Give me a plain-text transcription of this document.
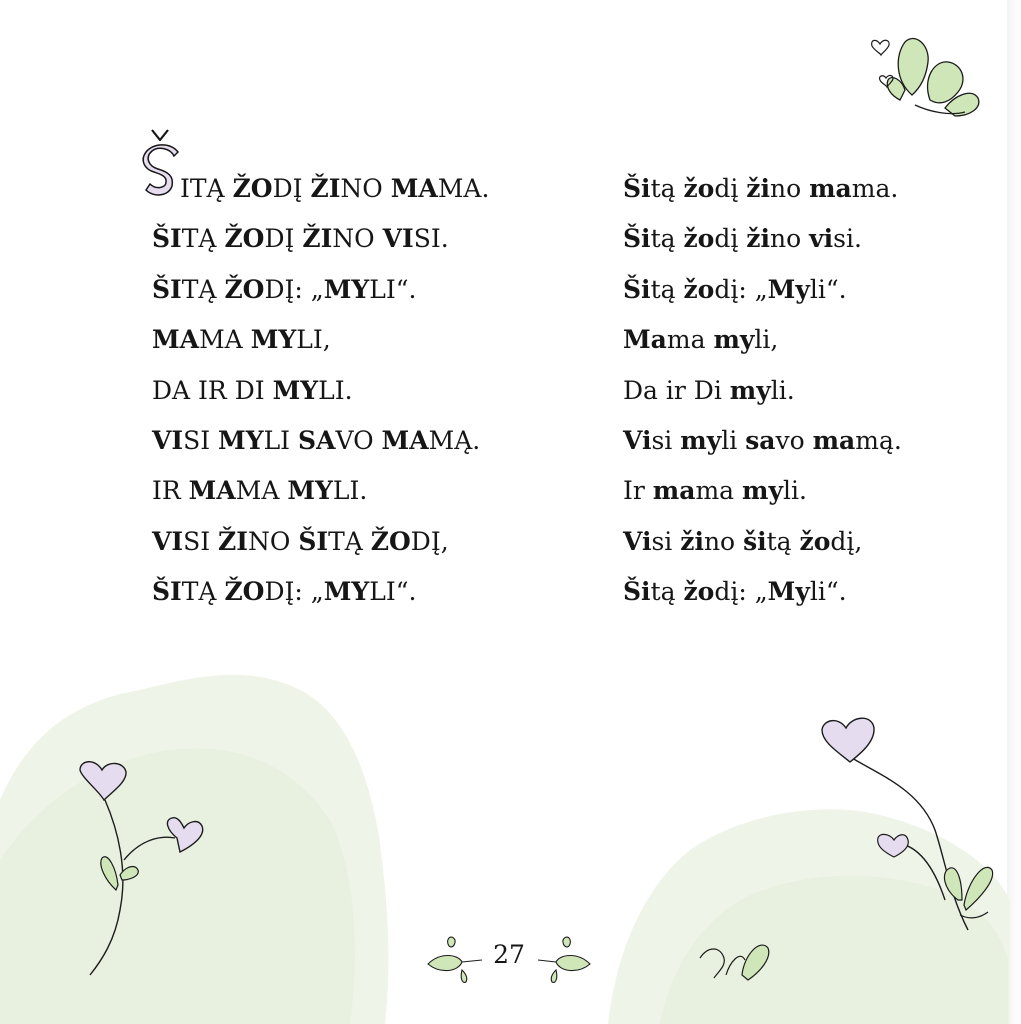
Š
ITĄ ŽODĮ ŽINO MAMA.
ŠITĄ ŽODĮ ŽINO VISI.
ŠITĄ ŽODĮ: „MYLI“.
MAMA MYLI,
DA IR DI MYLI.
VISI MYLI SAVO MAMĄ.
IR MAMA MYLI.
VISI ŽINO ŠITĄ ŽODĮ,
ŠITĄ ŽODĮ: „MYLI“.
Šitą žodį žino mama.
Šitą žodį žino visi.
Šitą žodį: „Myli“.
Mama myli,
Da ir Di myli.
Visi myli savo mamą.
Ir mama myli.
Visi žino šitą žodį,
Šitą žodį: „Myli“.
27
